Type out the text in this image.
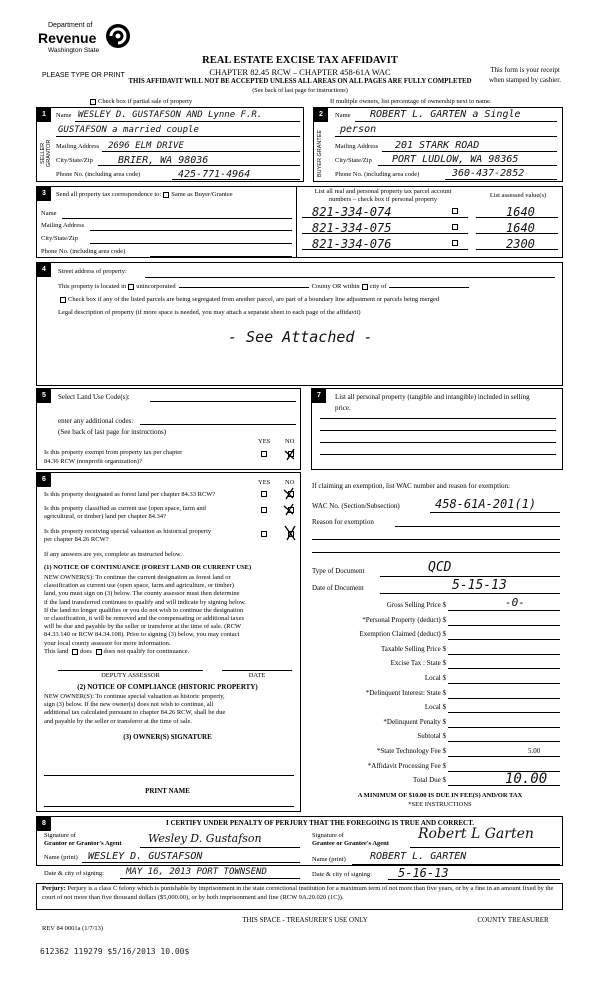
Department of
Revenue
Washington State
PLEASE TYPE OR PRINT
REAL ESTATE EXCISE TAX AFFIDAVIT
CHAPTER 82.45 RCW – CHAPTER 458-61A WAC
THIS AFFIDAVIT WILL NOT BE ACCEPTED UNLESS ALL AREAS ON ALL PAGES ARE FULLY COMPLETED
(See back of last page for instructions)
This form is your receipt
when stamped by cashier.
Check box if partial sale of property	If multiple owners, list percentage of ownership next to name.
1
SELLER GRANTOR
Name WESLEY D. GUSTAFSON AND Lynne F.R.
GUSTAFSON a married couple
Mailing Address 2696 ELM DRIVE
City/State/Zip	BRIER, WA 98036
Phone No. (including area code)	425-771-4964
2
BUYER GRANTEE
Name ROBERT L. GARTEN a Single
person
Mailing Address 201 STARK ROAD
City/State/Zip PORT LUDLOW, WA 98365
Phone No. (including area code)	360-437-2852
3	Send all property tax correspondence to: Same as Buyer/Grantee
Name
Mailing Address
City/State/Zip
Phone No. (including area code)
List all real and personal property tax parcel account
numbers – check box if personal property
List assessed value(s)
821-334-074	1640
821-334-075	1640
821-334-076	2300
4	Street address of property:
This property is located in unincorporated	County OR within city of
Check box if any of the listed parcels are being segregated from another parcel, are part of a boundary line adjustment or parcels being merged
Legal description of property (if more space is needed, you may attach a separate sheet to each page of the affidavit)
- See Attached -
5	Select Land Use Code(s):
enter any additional codes:
(See back of last page for instructions)
YES NO
Is this property exempt from property tax per chapter
84.36 RCW (nonprofit organization)?
7	List all personal property (tangible and intangible) included in selling
price.
6	YES NO
Is this property designated as forest land per chapter 84.33 RCW?
Is this property classified as current use (open space, farm and
agricultural, or timber) land per chapter 84.34?
Is this property receiving special valuation as historical property
per chapter 84.26 RCW?
If any answers are yes, complete as instructed below.
(1) NOTICE OF CONTINUANCE (FOREST LAND OR CURRENT USE)
NEW OWNER(S): To continue the current designation as forest land or
classification as current use (open space, farm and agriculture, or timber)
land, you must sign on (3) below. The county assessor must then determine
if the land transferred continues to qualify and will indicate by signing below.
If the land no longer qualifies or you do not wish to continue the designation
or classification, it will be removed and the compensating or additional taxes
will be due and payable by the seller or transferor at the time of sale. (RCW
84.33.140 or RCW 84.34.108). Prior to signing (3) below, you may contact
your local county assessor for more information.
This land does does not qualify for continuance.
DEPUTY ASSESSOR	DATE
(2) NOTICE OF COMPLIANCE (HISTORIC PROPERTY)
NEW OWNER(S): To continue special valuation as historic property,
sign (3) below. If the new owner(s) does not wish to continue, all
additional tax calculated pursuant to chapter 84.26 RCW, shall be due
and payable by the seller or transferor at the time of sale.
(3) OWNER(S) SIGNATURE
PRINT NAME
If claiming an exemption, list WAC number and reason for exemption:
WAC No. (Section/Subsection)	458-61A-201(1)
Reason for exemption
Type of Document	QCD
Date of Document	5-15-13
Gross Selling Price $	-0-
*Personal Property (deduct) $
Exemption Claimed (deduct) $
Taxable Selling Price $
Excise Tax : State $
Local $
*Delinquent Interest: State $
Local $
*Delinquent Penalty $
Subtotal $
*State Technology Fee $	5.00
*Affidavit Processing Fee $
Total Due $	10.00
A MINIMUM OF $10.00 IS DUE IN FEE(S) AND/OR TAX
*SEE INSTRUCTIONS
8	I CERTIFY UNDER PENALTY OF PERJURY THAT THE FOREGOING IS TRUE AND CORRECT.
Signature of
Grantor or Grantor's Agent Wesley D. Gustafson
Name (print) WESLEY D. GUSTAFSON
Date & city of signing: MAY 16, 2013 PORT TOWNSEND
Signature of
Grantee or Grantee's Agent
Robert L Garten
Name (print) ROBERT L. GARTEN
Date & city of signing: 5-16-13
Perjury: Perjury is a class C felony which is punishable by imprisonment in the state correctional institution for a maximum term of not more than five years, or by a fine in an amount fixed by the court of not more than five thousand dollars ($5,000.00), or by both imprisonment and fine (RCW 9A.20.020 (1C)).
REV 84 0001a (1/7/13)
THIS SPACE - TREASURER'S USE ONLY	COUNTY TREASURER
612362 119279 $5/16/2013 10.00$
